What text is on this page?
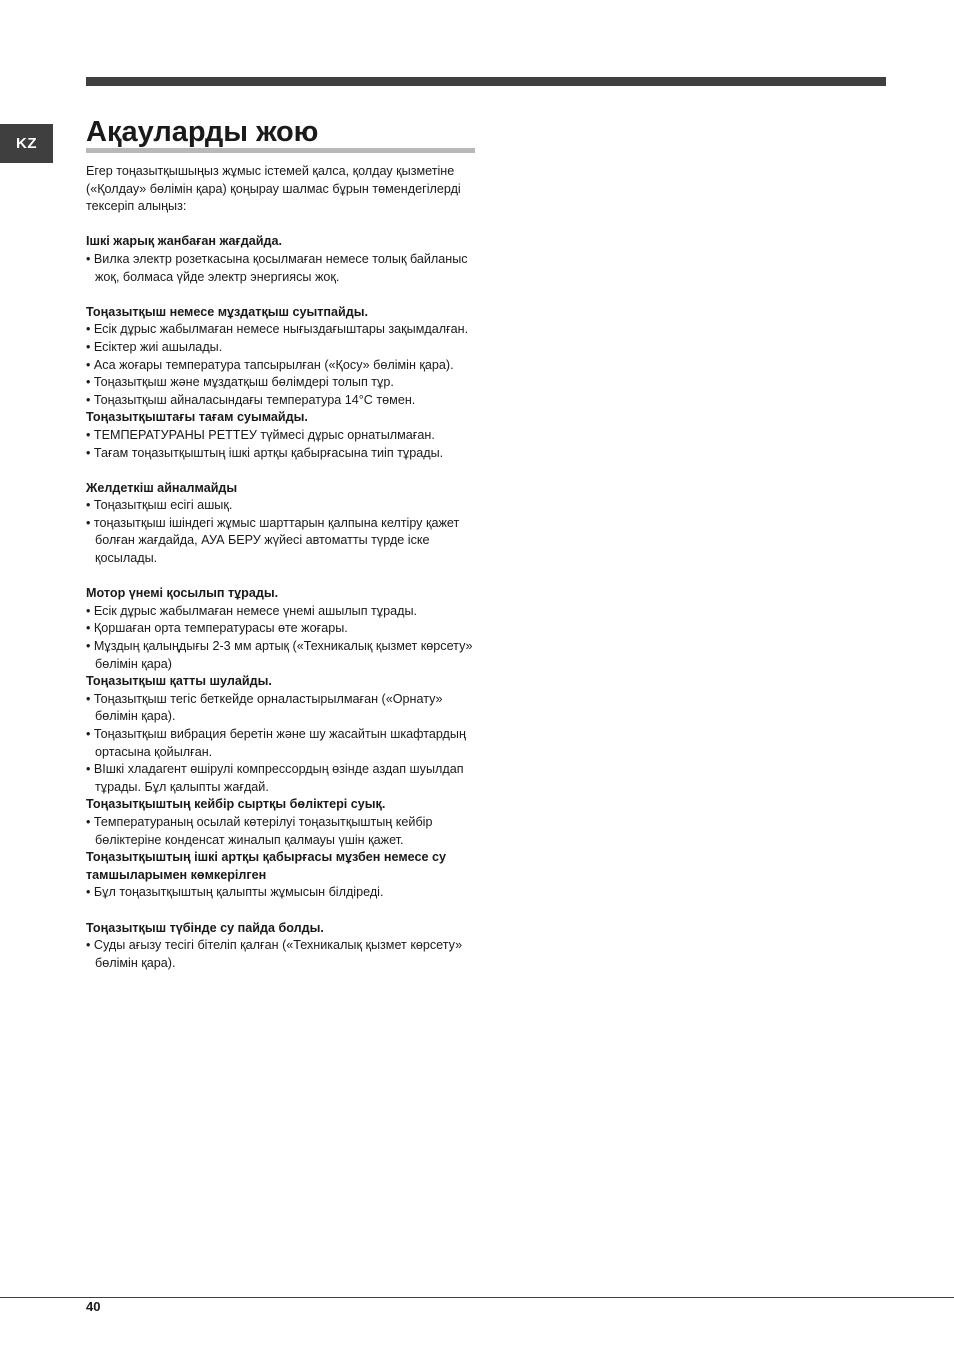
KZ	Ақауларды жою

Егер тоңазытқышыңыз жұмыс істемей қалса, қолдау қызметіне («Қолдау» бөлімін қара) қоңырау шалмас бұрын төмендегілерді тексеріп алыңыз:

Ішкі жарық жанбаған жағдайда.

• Вилка электр розеткасына қосылмаған немесе толық байланыс жоқ, болмаса үйде электр энергиясы жоқ.

Тоңазытқыш немесе мұздатқыш суытпайды.

• Есік дұрыс жабылмаған немесе нығыздағыштары зақымдалған.

• Есіктер жиі ашылады.

• Аса жоғары температура тапсырылған («Қосу» бөлімін қара).

• Тоңазытқыш және мұздатқыш бөлімдері толып тұр.

• Тоңазытқыш айналасындағы температура 14°С төмен.

Тоңазытқыштағы тағам суымайды.

• ТЕМПЕРАТУРАНЫ РЕТТЕУ түймесі дұрыс орнатылмаған.

• Тағам тоңазытқыштың ішкі артқы қабырғасына тиіп тұрады.

Желдеткіш айналмайды

• Тоңазытқыш есігі ашық.

• тоңазытқыш ішіндегі жұмыс шарттарын қалпына келтіру қажет болған жағдайда, АУА БЕРУ жүйесі автоматты түрде іске қосылады.

Мотор үнемі қосылып тұрады.

• Есік дұрыс жабылмаған немесе үнемі ашылып тұрады.

• Қоршаған орта температурасы өте жоғары.

• Мұздың қалыңдығы 2-3 мм артық («Техникалық қызмет көрсету» бөлімін қара)

Тоңазытқыш қатты шулайды.

• Тоңазытқыш тегіс беткейде орналастырылмаған («Орнату» бөлімін қара).

• Тоңазытқыш вибрация беретін және шу жасайтын шкафтардың ортасына қойылған.

• ВІшкі хладагент өшірулі компрессордың өзінде аздап шуылдап тұрады. Бұл қалыпты жағдай.

Тоңазытқыштың кейбір сыртқы бөліктері суық.

• Температураның осылай көтерілуі тоңазытқыштың кейбір бөліктеріне конденсат жиналып қалмауы үшін қажет.

Тоңазытқыштың ішкі артқы қабырғасы мұзбен немесе су тамшыларымен көмкерілген

• Бұл тоңазытқыштың қалыпты жұмысын білдіреді.

Тоңазытқыш түбінде су пайда болды.

• Суды ағызу тесігі бітеліп қалған («Техникалық қызмет көрсету» бөлімін қара).

40
